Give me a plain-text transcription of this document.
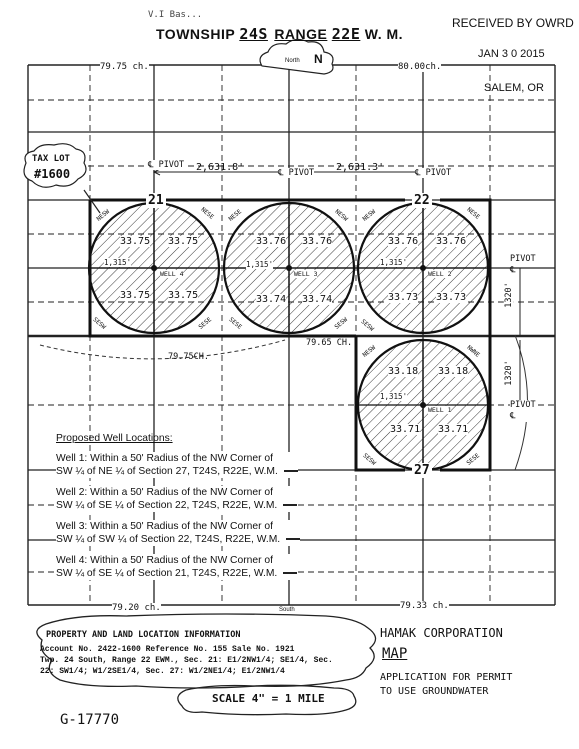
V.I Bas...
TOWNSHIP 24S RANGE 22E W. M.
RECEIVED BY OWRD
JAN 3 0 2015
SALEM, OR
North N
79.75 ch.	80.00ch.
79.75CH.
79.65 CH.
79.20 ch.	79.33 ch.
South
TAX LOT
#1600
℄ PIVOT 2,631.8'	℄ PIVOT 2,631.3'	℄ PIVOT
PIVOT ℄
PIVOT ℄
1320'
1320'
21	22
27
33.75 33.75
33.75 33.75
1,315'
WELL 4
NESW	NESE
SESW	SESE
33.76 33.76
33.74 33.74
1,315'
WELL 3
NESE	NESW
SESE	SESW
33.76 33.76
33.73 33.73
1,315'
WELL 2
NESW	NESE
SESW
33.18 33.18
33.71 33.71
1,315'
WELL 1
NESW	NWNE
SESW	SESE
Proposed Well Locations:
Well 1: Within a 50' Radius of the NW Corner of
SW ¼ of NE ¼ of Section 27, T24S, R22E, W.M.
Well 2: Within a 50' Radius of the NW Corner of
SW ¼ of SE ¼ of Section 22, T24S, R22E, W.M.
Well 3: Within a 50' Radius of the NW Corner of
SW ¼ of SW ¼ of Section 22, T24S, R22E, W.M.
Well 4: Within a 50' Radius of the NW Corner of
SW ¼ of SE ¼ of Section 21, T24S, R22E, W.M.
PROPERTY AND LAND LOCATION INFORMATION
Account No. 2422-1600 Reference No. 155 Sale No. 1921
Twp. 24 South, Range 22 EWM., Sec. 21: E1/2NW1/4; SE1/4, Sec.
22: SW1/4; W1/2SE1/4, Sec. 27: W1/2NE1/4; E1/2NW1/4
SCALE 4" = 1 MILE
HAMAK CORPORATION
MAP
APPLICATION FOR PERMIT
TO USE GROUNDWATER
G-17770
